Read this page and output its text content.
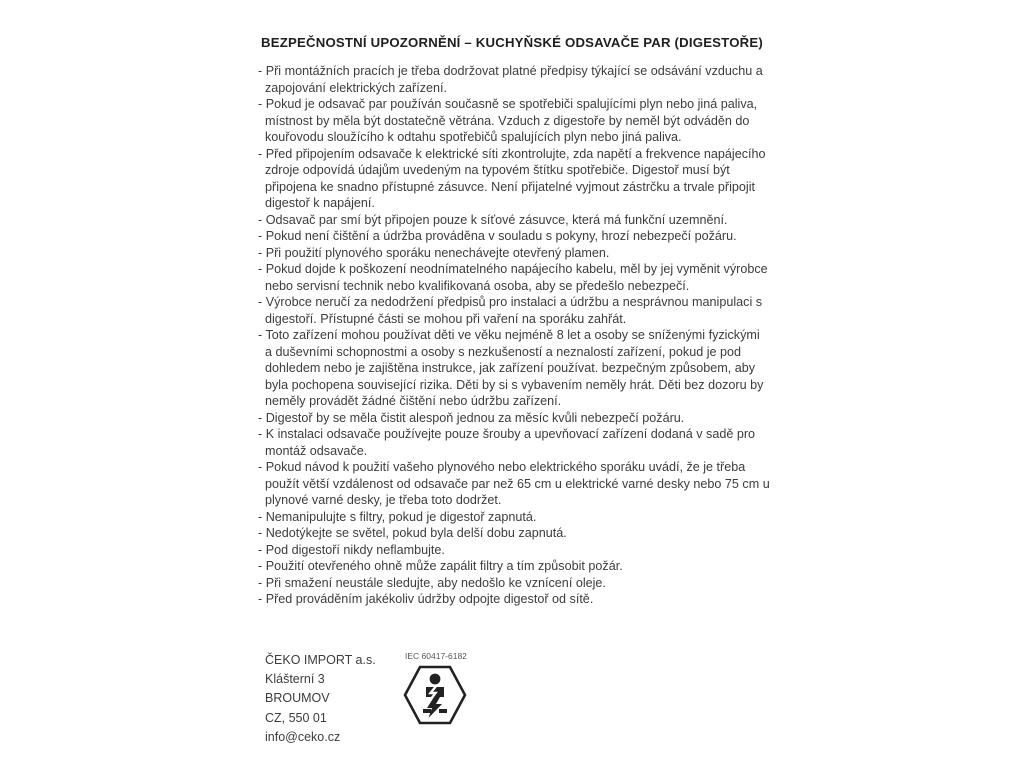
BEZPEČNOSTNÍ UPOZORNĚNÍ – KUCHYŇSKÉ ODSAVAČE PAR (DIGESTOŘE)
- Při montážních pracích je třeba dodržovat platné předpisy týkající se odsávání vzduchu a zapojování elektrických zařízení.
- Pokud je odsavač par používán současně se spotřebiči spalujícími plyn nebo jiná paliva, místnost by měla být dostatečně větrána. Vzduch z digestoře by neměl být odváděn do kouřovodu sloužícího k odtahu spotřebičů spalujících plyn nebo jiná paliva.
- Před připojením odsavače k elektrické síti zkontrolujte, zda napětí a frekvence napájecího zdroje odpovídá údajům uvedeným na typovém štítku spotřebiče. Digestoř musí být připojena ke snadno přístupné zásuvce. Není přijatelné vyjmout zástrčku a trvale připojit digestoř k napájení.
- Odsavač par smí být připojen pouze k síťové zásuvce, která má funkční uzemnění.
- Pokud není čištění a údržba prováděna v souladu s pokyny, hrozí nebezpečí požáru.
- Při použití plynového sporáku nenechávejte otevřený plamen.
- Pokud dojde k poškození neodnímatelného napájecího kabelu, měl by jej vyměnit výrobce nebo servisní technik nebo kvalifikovaná osoba, aby se předešlo nebezpečí.
- Výrobce neručí za nedodržení předpisů pro instalaci a údržbu a nesprávnou manipulaci s digestoří. Přístupné části se mohou při vaření na sporáku zahřát.
- Toto zařízení mohou používat děti ve věku nejméně 8 let a osoby se sníženými fyzickými a duševními schopnostmi a osoby s nezkušeností a neznalostí zařízení, pokud je pod dohledem nebo je zajištěna instrukce, jak zařízení používat. bezpečným způsobem, aby byla pochopena související rizika. Děti by si s vybavením neměly hrát. Děti bez dozoru by neměly provádět žádné čištění nebo údržbu zařízení.
- Digestoř by se měla čistit alespoň jednou za měsíc kvůli nebezpečí požáru.
- K instalaci odsavače používejte pouze šrouby a upevňovací zařízení dodaná v sadě pro montáž odsavače.
- Pokud návod k použití vašeho plynového nebo elektrického sporáku uvádí, že je třeba použít větší vzdálenost od odsavače par než 65 cm u elektrické varné desky nebo 75 cm u plynové varné desky, je třeba toto dodržet.
- Nemanipulujte s filtry, pokud je digestoř zapnutá.
- Nedotýkejte se světel, pokud byla delší dobu zapnutá.
- Pod digestoří nikdy neflambujte.
- Použití otevřeného ohně může zapálit filtry a tím způsobit požár.
- Při smažení neustále sledujte, aby nedošlo ke vznícení oleje.
- Před prováděním jakékoliv údržby odpojte digestoř od sítě.
ČEKO IMPORT a.s.
Klášterní 3
BROUMOV
CZ, 550 01
info@ceko.cz
IEC 60417-6182
